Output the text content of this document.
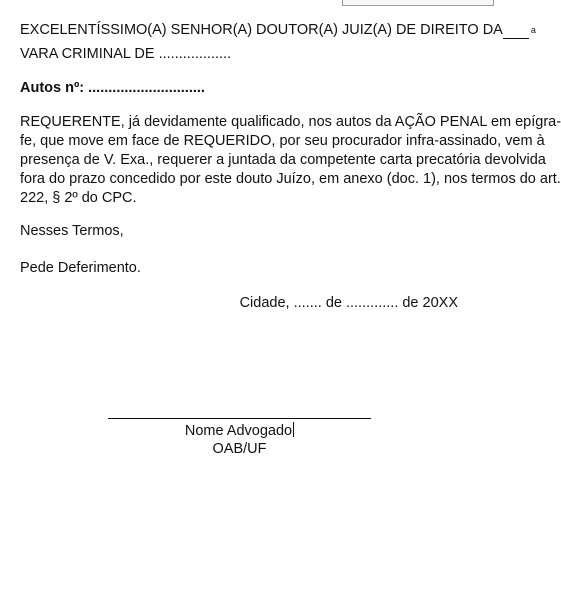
EXCELENTÍSSIMO(A) SENHOR(A) DOUTOR(A) JUIZ(A) DE DIREITO DA	$^a$
VARA CRIMINAL DE ..................
Autos nº: .............................
REQUERENTE, já devidamente qualificado, nos autos da AÇÃO PENAL em epígra-
fe, que move em face de REQUERIDO, por seu procurador infra-assinado, vem à
presença de V. Exa., requerer a juntada da competente carta precatória devolvida
fora do prazo concedido por este douto Juízo, em anexo (doc. 1), nos termos do art.
222, § 2º do CPC.
Nesses Termos,
Pede Deferimento.
Cidade, ....... de ............. de 20XX
Nome Advogado
OAB/UF
